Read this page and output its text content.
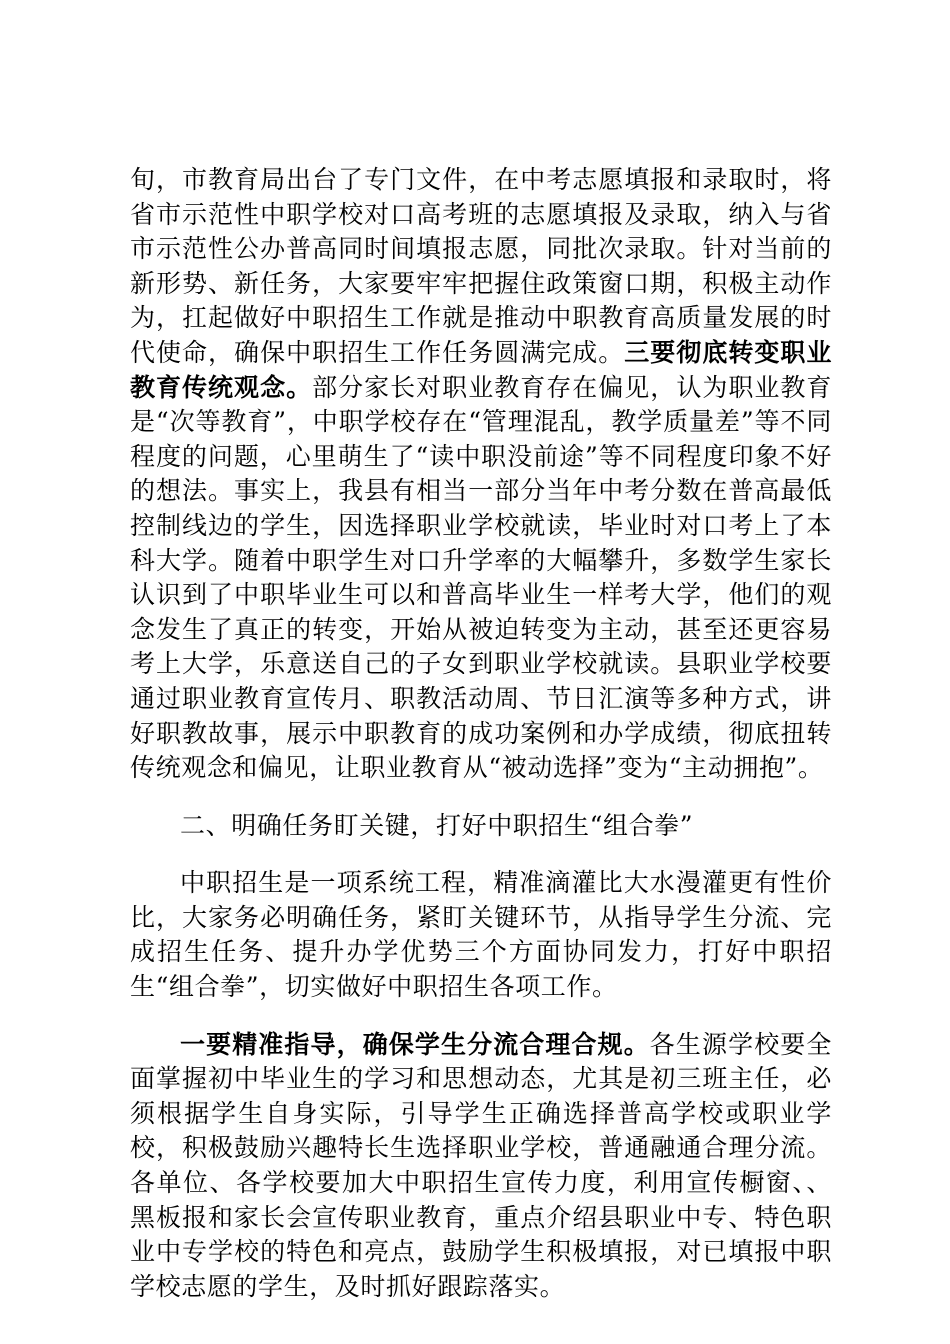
旬，市教育局出台了专门文件，在中考志愿填报和录取时，将省市示范性中职学校对口高考班的志愿填报及录取，纳入与省市示范性公办普高同时间填报志愿，同批次录取。针对当前的新形势、新任务，大家要牢牢把握住政策窗口期，积极主动作为，扛起做好中职招生工作就是推动中职教育高质量发展的时代使命，确保中职招生工作任务圆满完成。三要彻底转变职业教育传统观念。部分家长对职业教育存在偏见，认为职业教育是“次等教育”，中职学校存在“管理混乱，教学质量差”等不同程度的问题，心里萌生了“读中职没前途”等不同程度印象不好的想法。事实上，我县有相当一部分当年中考分数在普高最低控制线边的学生，因选择职业学校就读，毕业时对口考上了本科大学。随着中职学生对口升学率的大幅攀升，多数学生家长认识到了中职毕业生可以和普高毕业生一样考大学，他们的观念发生了真正的转变，开始从被迫转变为主动，甚至还更容易考上大学，乐意送自己的子女到职业学校就读。县职业学校要通过职业教育宣传月、职教活动周、节日汇演等多种方式，讲好职教故事，展示中职教育的成功案例和办学成绩，彻底扭转传统观念和偏见，让职业教育从“被动选择”变为“主动拥抱”。

二、明确任务盯关键，打好中职招生“组合拳”

中职招生是一项系统工程，精准滴灌比大水漫灌更有性价比，大家务必明确任务，紧盯关键环节，从指导学生分流、完成招生任务、提升办学优势三个方面协同发力，打好中职招生“组合拳”，切实做好中职招生各项工作。

一要精准指导，确保学生分流合理合规。各生源学校要全面掌握初中毕业生的学习和思想动态，尤其是初三班主任，必须根据学生自身实际，引导学生正确选择普高学校或职业学校，积极鼓励兴趣特长生选择职业学校，普通融通合理分流。各单位、各学校要加大中职招生宣传力度，利用宣传橱窗、、黑板报和家长会宣传职业教育，重点介绍县职业中专、特色职业中专学校的特色和亮点，鼓励学生积极填报，对已填报中职学校志愿的学生，及时抓好跟踪落实。
